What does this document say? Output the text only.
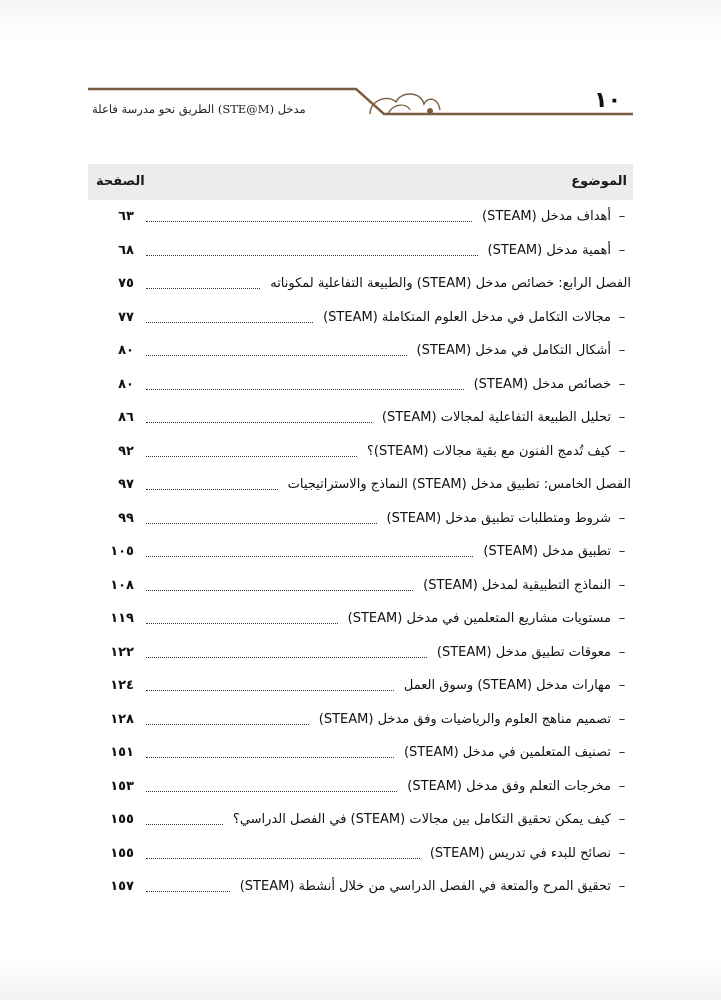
١٠
مدخل (STE@M) الطريق نحو مدرسة فاعلة
الموضوع
الصفحة
–
أهداف مدخل (STEAM)
٦٣
–
أهمية مدخل (STEAM)
٦٨
الفصل الرابع: خصائص مدخل (STEAM) والطبيعة التفاعلية لمكوناته
٧٥
–
مجالات التكامل في مدخل العلوم المتكاملة (STEAM)
٧٧
–
أشكال التكامل في مدخل (STEAM)
٨٠
–
خصائص مدخل (STEAM)
٨٠
–
تحليل الطبيعة التفاعلية لمجالات (STEAM)
٨٦
–
كيف تُدمج الفنون مع بقية مجالات (STEAM)؟
٩٢
الفصل الخامس: تطبيق مدخل (STEAM) النماذج والاستراتيجيات
٩٧
–
شروط ومتطلبات تطبيق مدخل (STEAM)
٩٩
–
تطبيق مدخل (STEAM)
١٠٥
–
النماذج التطبيقية لمدخل (STEAM)
١٠٨
–
مستويات مشاريع المتعلمين في مدخل (STEAM)
١١٩
–
معوقات تطبيق مدخل (STEAM)
١٢٢
–
مهارات مدخل (STEAM) وسوق العمل
١٢٤
–
تصميم مناهج العلوم والرياضيات وفق مدخل (STEAM)
١٢٨
–
تصنيف المتعلمين في مدخل (STEAM)
١٥١
–
مخرجات التعلم وفق مدخل (STEAM)
١٥٣
–
كيف يمكن تحقيق التكامل بين مجالات (STEAM) في الفصل الدراسي؟
١٥٥
–
نصائح للبدء في تدريس (STEAM)
١٥٥
–
تحقيق المرح والمتعة في الفصل الدراسي من خلال أنشطة (STEAM)
١٥٧
